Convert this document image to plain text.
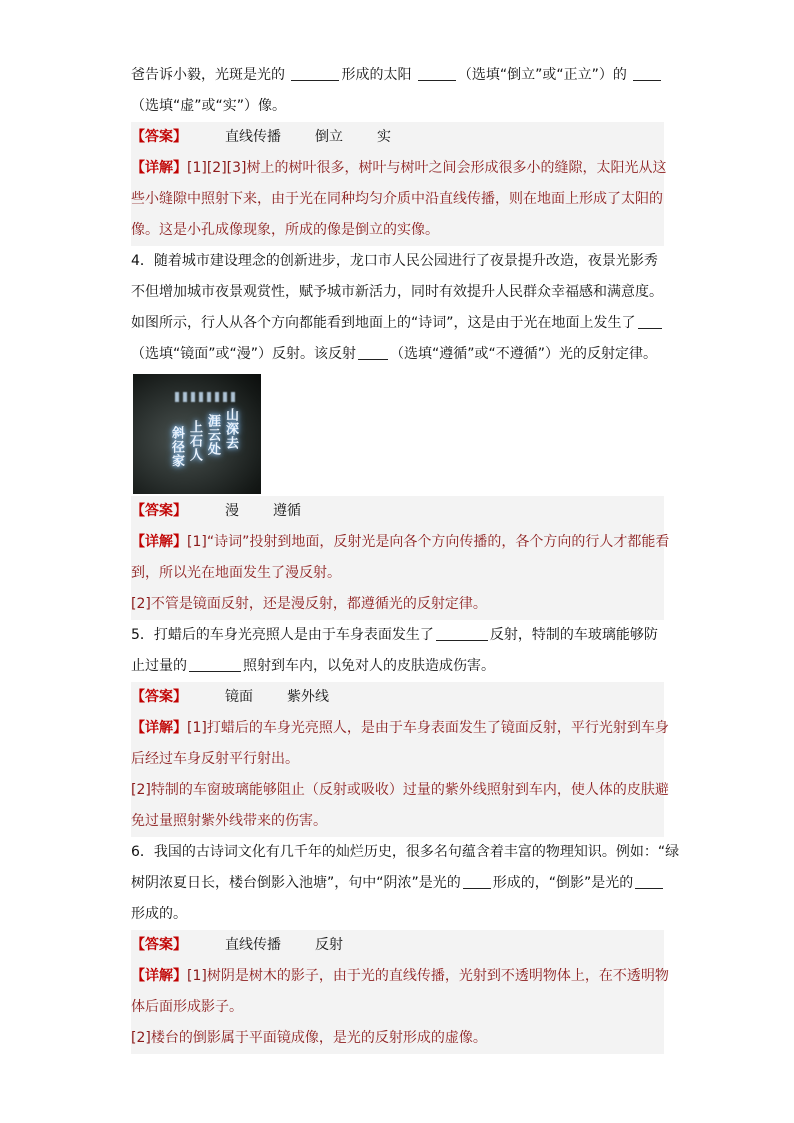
爸告诉小毅，光斑是光的	形成的太阳	（选填“倒立”或“正立”）的
（选填“虚”或“实”）像。
【答案】	直线传播 倒立 实
【详解】[1][2][3]树上的树叶很多，树叶与树叶之间会形成很多小的缝隙，太阳光从这
些小缝隙中照射下来，由于光在同种均匀介质中沿直线传播，则在地面上形成了太阳的
像。这是小孔成像现象，所成的像是倒立的实像。
4．随着城市建设理念的创新进步，龙口市人民公园进行了夜景提升改造，夜景光影秀
不但增加城市夜景观赏性，赋予城市新活力，同时有效提升人民群众幸福感和满意度。
如图所示，行人从各个方向都能看到地面上的“诗词”，这是由于光在地面上发生了
（选填“镜面”或“漫”）反射。该反射 （选填“遵循”或“不遵循”）光的反射定律。
山深去
涯云处
上石人
斜径家
【答案】	漫 遵循
【详解】[1]“诗词”投射到地面，反射光是向各个方向传播的，各个方向的行人才都能看
到，所以光在地面发生了漫反射。
[2]不管是镜面反射，还是漫反射，都遵循光的反射定律。
5．打蜡后的车身光亮照人是由于车身表面发生了	反射，特制的车玻璃能够防
止过量的	照射到车内，以免对人的皮肤造成伤害。
【答案】	镜面 紫外线
【详解】[1]打蜡后的车身光亮照人，是由于车身表面发生了镜面反射，平行光射到车身
后经过车身反射平行射出。
[2]特制的车窗玻璃能够阻止（反射或吸收）过量的紫外线照射到车内，使人体的皮肤避
免过量照射紫外线带来的伤害。
6．我国的古诗词文化有几千年的灿烂历史，很多名句蕴含着丰富的物理知识。例如：“绿
树阴浓夏日长，楼台倒影入池塘”，句中“阴浓”是光的 形成的，“倒影”是光的
形成的。
【答案】	直线传播 反射
【详解】[1]树阴是树木的影子，由于光的直线传播，光射到不透明物体上，在不透明物
体后面形成影子。
[2]楼台的倒影属于平面镜成像，是光的反射形成的虚像。
